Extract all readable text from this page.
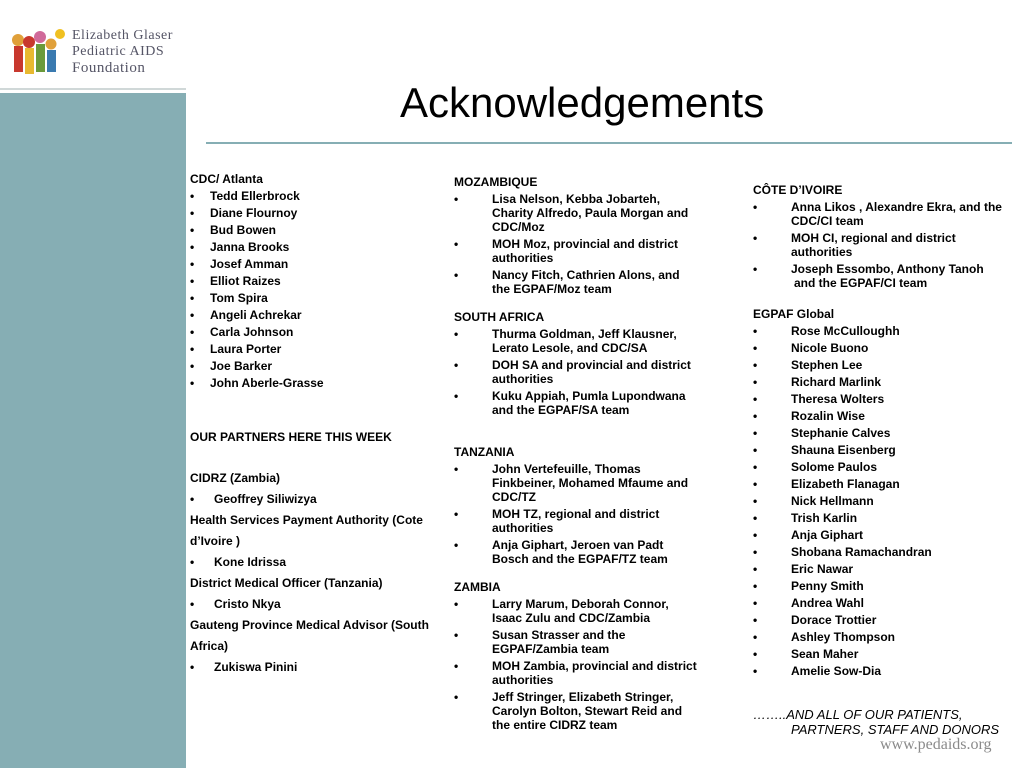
Elizabeth Glaser
Pediatric AIDS
Foundation
Acknowledgements

CDC/ Atlanta

• Tedd Ellerbrock
• Diane Flournoy
• Bud Bowen
• Janna Brooks
• Josef Amman
• Elliot Raizes
• Tom Spira
• Angeli Achrekar
• Carla Johnson
• Laura Porter
• Joe Barker
• John Aberle-Grasse

OUR PARTNERS HERE THIS WEEK

CIDRZ (Zambia)

• Geoffrey Siliwizya

Health Services Payment Authority (Cote d’Ivoire )

• Kone Idrissa

District Medical Officer (Tanzania)

• Cristo Nkya

Gauteng Province Medical Advisor (South Africa)

• Zukiswa Pinini

MOZAMBIQUE

• Lisa Nelson, Kebba Jobarteh, Charity Alfredo, Paula Morgan and CDC/Moz
• MOH Moz, provincial and district authorities
• Nancy Fitch, Cathrien Alons, and the EGPAF/Moz team

SOUTH AFRICA

• Thurma Goldman, Jeff Klausner, Lerato Lesole, and CDC/SA
• DOH SA and provincial and district authorities
• Kuku Appiah, Pumla Lupondwana and the EGPAF/SA team

TANZANIA

• John Vertefeuille, Thomas Finkbeiner, Mohamed Mfaume and CDC/TZ
• MOH TZ, regional and district authorities
• Anja Giphart, Jeroen van Padt Bosch and the EGPAF/TZ team

ZAMBIA

• Larry Marum, Deborah Connor, Isaac Zulu and CDC/Zambia
• Susan Strasser and the EGPAF/Zambia team
• MOH Zambia, provincial and district authorities
• Jeff Stringer, Elizabeth Stringer, Carolyn Bolton, Stewart Reid and the entire CIDRZ team

CÔTE D’IVOIRE

• Anna Likos , Alexandre Ekra, and the CDC/CI team
• MOH CI, regional and district authorities
• Joseph Essombo, Anthony Tanoh

and the EGPAF/CI team

EGPAF Global

• Rose McCulloughh
• Nicole Buono
• Stephen Lee
• Richard Marlink
• Theresa Wolters
• Rozalin Wise
• Stephanie Calves
• Shauna Eisenberg
• Solome Paulos
• Elizabeth Flanagan
• Nick Hellmann
• Trish Karlin
• Anja Giphart
• Shobana Ramachandran
• Eric Nawar
• Penny Smith
• Andrea Wahl
• Dorace Trottier
• Ashley Thompson
• Sean Maher
• Amelie Sow-Dia
……..AND ALL OF OUR PATIENTS,
PARTNERS, STAFF AND DONORS
www.pedaids.org
